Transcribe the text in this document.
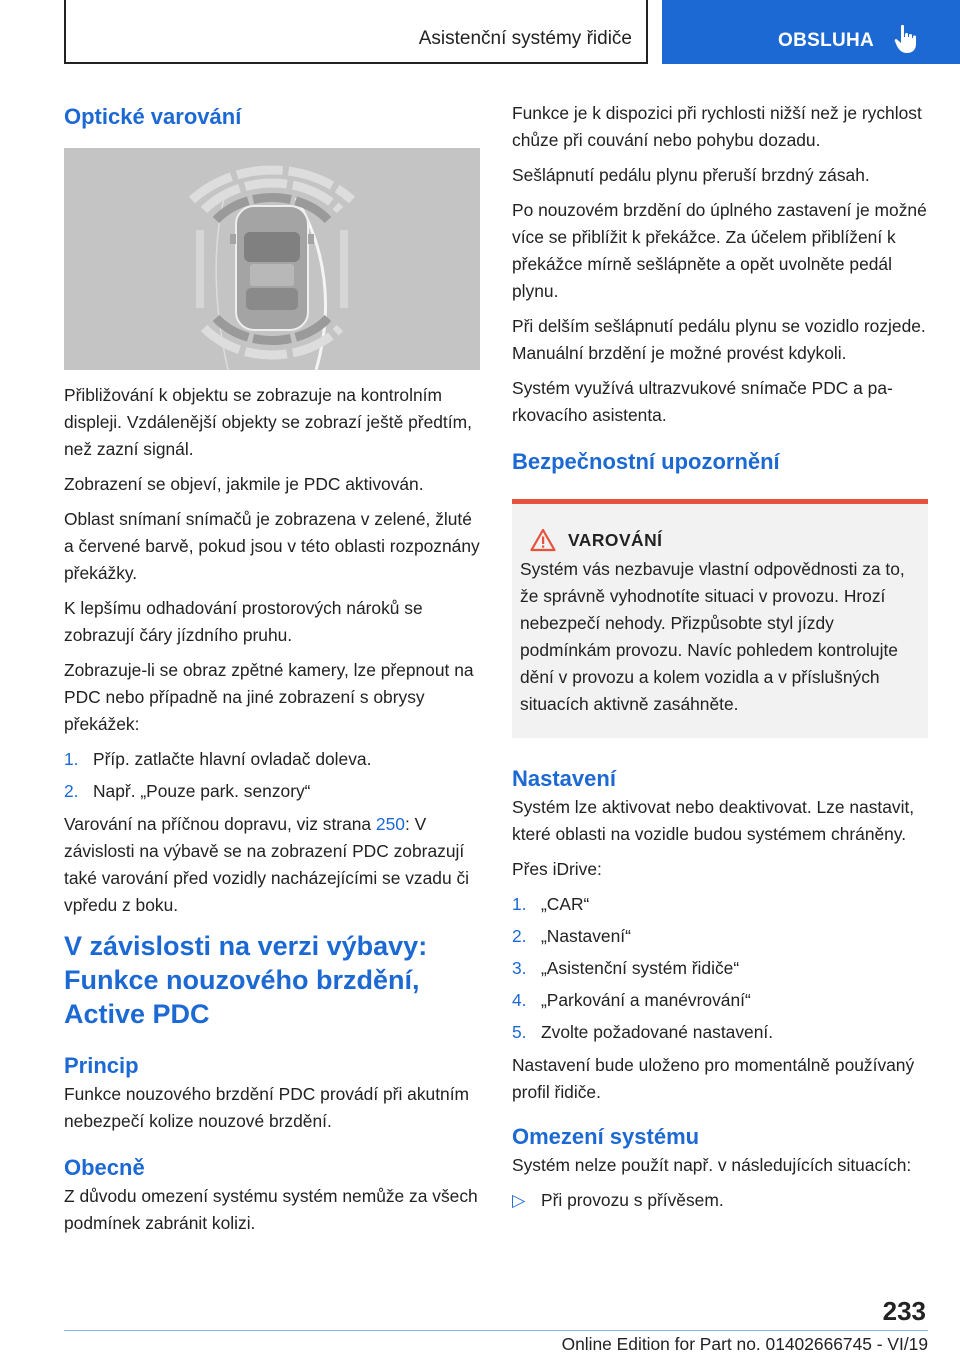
Asistenční systémy řidiče	OBSLUHA
Optické varování

Přibližování k objektu se zobrazuje na kontrolním displeji. Vzdálenější objekty se zobrazí ještě předtím, než zazní signál.

Zobrazení se objeví, jakmile je PDC aktivován.

Oblast snímaní snímačů je zobrazena v zelené, žluté a červené barvě, pokud jsou v této oblasti rozpoznány překážky.

K lepšímu odhadování prostorových nároků se zobrazují čáry jízdního pruhu.

Zobrazuje-li se obraz zpětné kamery, lze přepnout na PDC nebo případně na jiné zobrazení s obrysy překážek:

1. Příp. zatlačte hlavní ovladač doleva.
2. Např. „Pouze park. senzory“

Varování na příčnou dopravu, viz strana 250: V závislosti na výbavě se na zobrazení PDC zobrazují také varování před vozidly nacházejícími se vzadu či vpředu z boku.

V závislosti na verzi výbavy: Funkce nouzového brzdění, Active PDC
Princip

Funkce nouzového brzdění PDC provádí při akutním nebezpečí kolize nouzové brzdění.

Obecně

Z důvodu omezení systému systém nemůže za všech podmínek zabránit kolizi.

Funkce je k dispozici při rychlosti nižší než je rychlost chůze při couvání nebo pohybu dozadu.

Sešlápnutí pedálu plynu přeruší brzdný zásah.

Po nouzovém brzdění do úplného zastavení je možné více se přiblížit k překážce. Za účelem přiblížení k překážce mírně sešlápněte a opět uvolněte pedál plynu.

Při delším sešlápnutí pedálu plynu se vozidlo rozjede. Manuální brzdění je možné provést kdykoli.

Systém využívá ultrazvukové snímače PDC a parkovacího asistenta.

Bezpečnostní upozornění
VAROVÁNÍ

Systém vás nezbavuje vlastní odpovědnosti za to, že správně vyhodnotíte situaci v provozu. Hrozí nebezpečí nehody. Přizpůsobte styl jízdy podmínkám provozu. Navíc pohledem kontrolujte dění v provozu a kolem vozidla a v příslušných situacích aktivně zasáhněte.

Nastavení

Systém lze aktivovat nebo deaktivovat. Lze nastavit, které oblasti na vozidle budou systémem chráněny.

Přes iDrive:

1. „CAR“
2. „Nastavení“
3. „Asistenční systém řidiče“
4. „Parkování a manévrování“
5. Zvolte požadované nastavení.

Nastavení bude uloženo pro momentálně používaný profil řidiče.

Omezení systému

Systém nelze použít např. v následujících situacích:

▷ Při provozu s přívěsem.
233
Online Edition for Part no. 01402666745 - VI/19
